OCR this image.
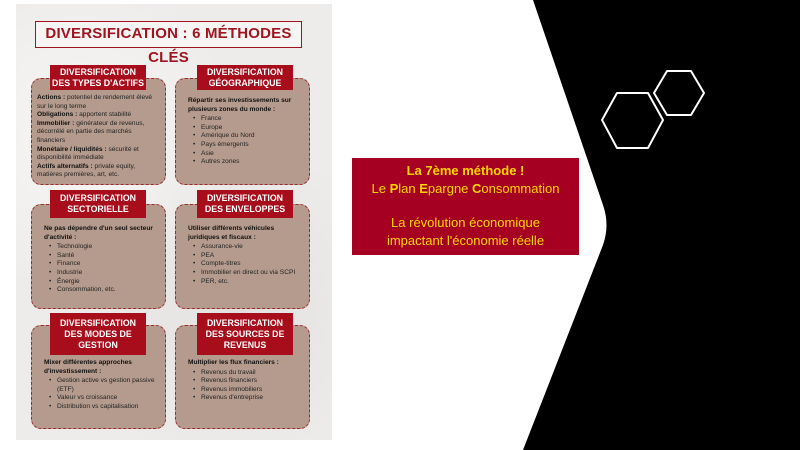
DIVERSIFICATION : 6 MÉTHODES CLÉS
Actions : potentiel de rendement élevé sur le long terme
Obligations : apportent stabilité
Immobilier : générateur de revenus, décorrélé en partie des marchés financiers
Monétaire / liquidités : sécurité et disponibilité immédiate
Actifs alternatifs : private equity, matières premières, art, etc.
DIVERSIFICATION
DES TYPES D'ACTIFS
Répartir ses investissements sur plusieurs zones du monde :
• France
• Europe
• Amérique du Nord
• Pays émergents
• Asie
• Autres zones
DIVERSIFICATION
GÉOGRAPHIQUE
Ne pas dépendre d'un seul secteur d'activité :
• Technologie
• Santé
• Finance
• Industrie
• Énergie
• Consommation, etc.
DIVERSIFICATION
SECTORIELLE
Utiliser différents véhicules juridiques et fiscaux :
• Assurance-vie
• PEA
• Compte-titres
• Immobilier en direct ou via SCPI
• PER, etc.
DIVERSIFICATION
DES ENVELOPPES
Mixer différentes approches d'investissement :
• Gestion active vs gestion passive (ETF)
• Valeur vs croissance
• Distribution vs capitalisation
DIVERSIFICATION
DES MODES DE
GESTION
Multiplier les flux financiers :
• Revenus du travail
• Revenus financiers
• Revenus immobiliers
• Revenus d'entreprise
DIVERSIFICATION
DES SOURCES DE
REVENUS
La 7ème méthode !
Le Plan Epargne Consommation
La révolution économique
impactant l'économie réelle
